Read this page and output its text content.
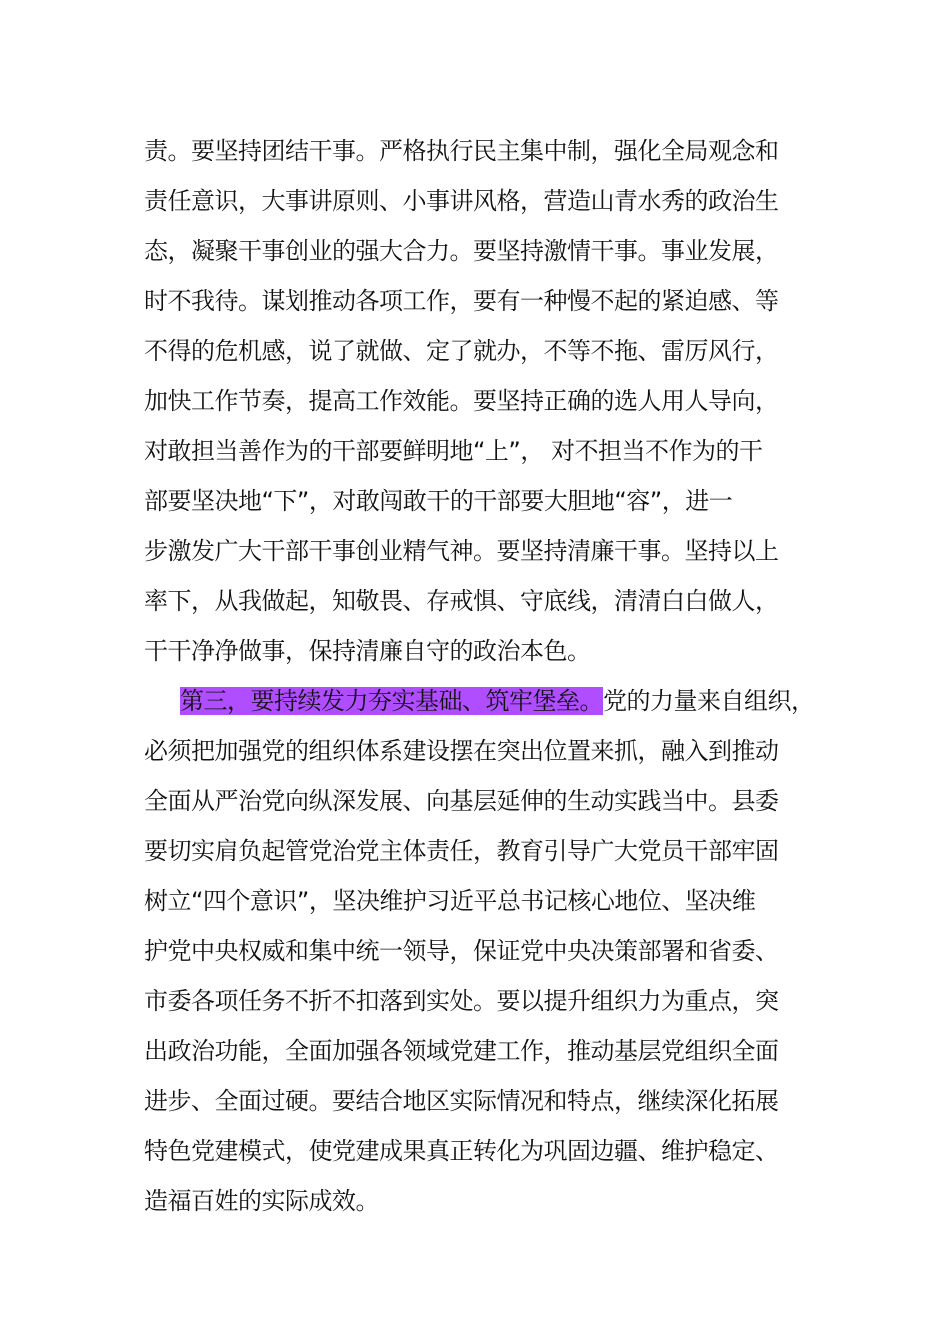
责。要坚持团结干事。严格执行民主集中制，强化全局观念和
责任意识，大事讲原则、小事讲风格，营造山青水秀的政治生
态，凝聚干事创业的强大合力。要坚持激情干事。事业发展，
时不我待。谋划推动各项工作，要有一种慢不起的紧迫感、等
不得的危机感，说了就做、定了就办，不等不拖、雷厉风行，
加快工作节奏，提高工作效能。要坚持正确的选人用人导向，
对敢担当善作为的干部要鲜明地“上”， 对不担当不作为的干
部要坚决地“下”，对敢闯敢干的干部要大胆地“容”，进一
步激发广大干部干事创业精气神。要坚持清廉干事。坚持以上
率下，从我做起，知敬畏、存戒惧、守底线，清清白白做人，
干干净净做事，保持清廉自守的政治本色。
第三，要持续发力夯实基础、筑牢堡垒。党的力量来自组织，
必须把加强党的组织体系建设摆在突出位置来抓，融入到推动
全面从严治党向纵深发展、向基层延伸的生动实践当中。县委
要切实肩负起管党治党主体责任，教育引导广大党员干部牢固
树立“四个意识”，坚决维护习近平总书记核心地位、坚决维
护党中央权威和集中统一领导，保证党中央决策部署和省委、
市委各项任务不折不扣落到实处。要以提升组织力为重点，突
出政治功能，全面加强各领域党建工作，推动基层党组织全面
进步、全面过硬。要结合地区实际情况和特点，继续深化拓展
特色党建模式，使党建成果真正转化为巩固边疆、维护稳定、
造福百姓的实际成效。
